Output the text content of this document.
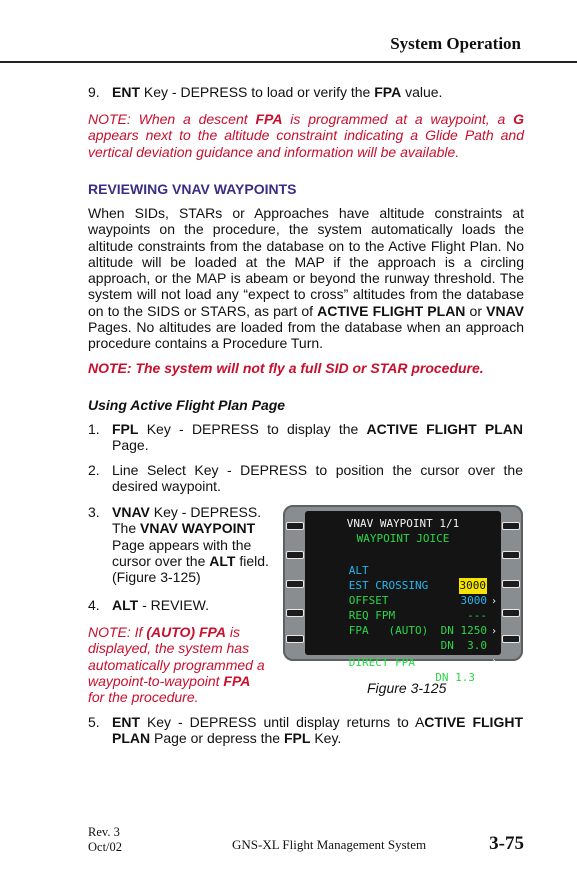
System Operation
9. ENT Key - DEPRESS to load or verify the FPA value.
NOTE: When a descent FPA is programmed at a waypoint, a G appears next to the altitude constraint indicating a Glide Path and vertical deviation guidance and information will be available.
REVIEWING VNAV WAYPOINTS
When SIDs, STARs or Approaches have altitude constraints at waypoints on the procedure, the system automatically loads the altitude constraints from the database on to the Active Flight Plan. No altitude will be loaded at the MAP if the approach is a circling approach, or the MAP is abeam or beyond the runway threshold. The system will not load any “expect to cross” altitudes from the database on to the SIDS or STARS, as part of ACTIVE FLIGHT PLAN or VNAV Pages. No altitudes are loaded from the database when an approach procedure contains a Procedure Turn.
NOTE: The system will not fly a full SID or STAR procedure.
Using Active Flight Plan Page
1. FPL Key - DEPRESS to display the ACTIVE FLIGHT PLAN Page.
2. Line Select Key - DEPRESS to position the cursor over the desired waypoint.
3. VNAV Key - DEPRESS. The VNAV WAYPOINT Page appears with the cursor over the ALT field. (Figure 3-125)
4. ALT - REVIEW.
NOTE: If (AUTO) FPA is displayed, the system has automatically programmed a waypoint-to-waypoint FPA for the procedure.
VNAV WAYPOINT 1/1
WAYPOINT JOICE

ALT

3000

›

EST CROSSING

3000

OFFSET

---

›

REQ FPM

DN 1250

FPA   (AUTO)

DN  3.0

›

DIRECT FPA

DN 1.3

Figure 3-125
5. ENT Key - DEPRESS until display returns to ACTIVE FLIGHT PLAN Page or depress the FPL Key.
Rev. 3
Oct/02	GNS-XL Flight Management System	3-75
